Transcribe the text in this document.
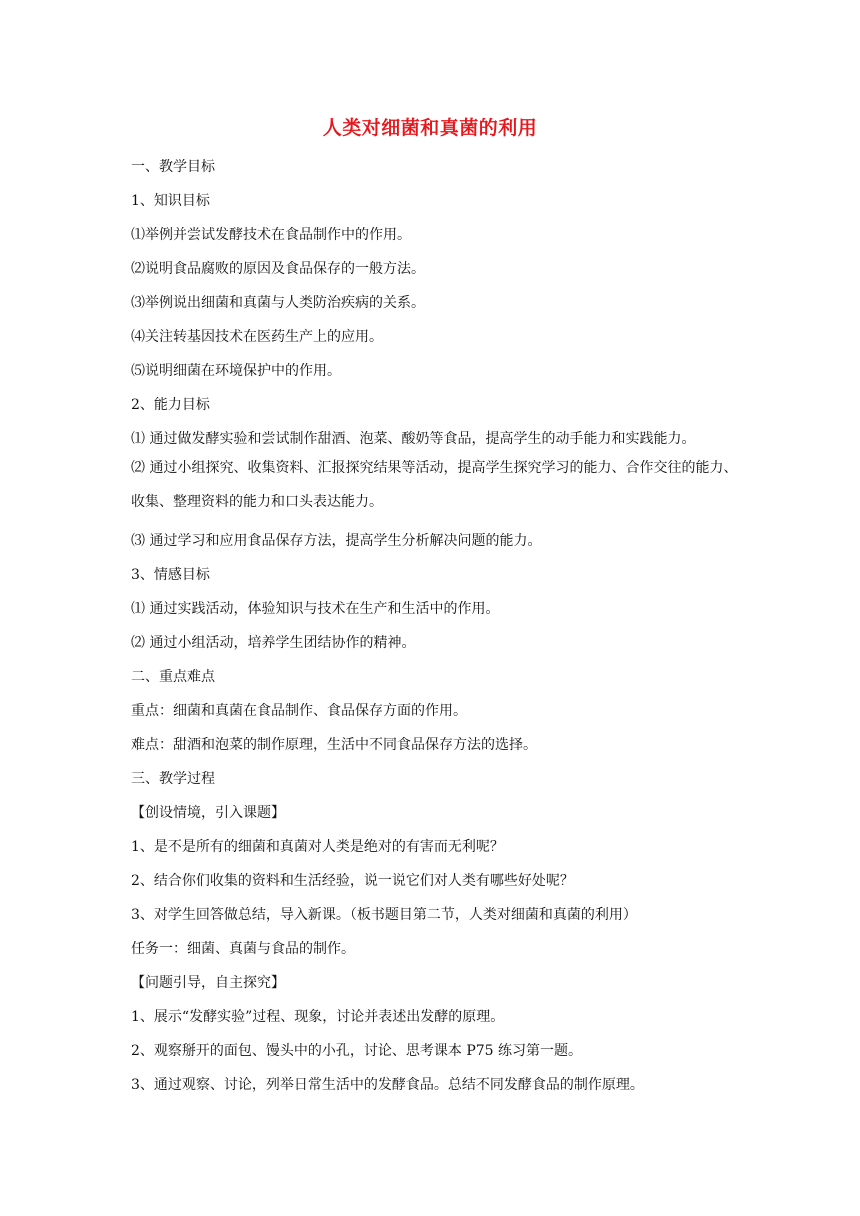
人类对细菌和真菌的利用
一、教学目标
1、知识目标
⑴举例并尝试发酵技术在食品制作中的作用。
⑵说明食品腐败的原因及食品保存的一般方法。
⑶举例说出细菌和真菌与人类防治疾病的关系。
⑷关注转基因技术在医药生产上的应用。
⑸说明细菌在环境保护中的作用。
2、能力目标
⑴ 通过做发酵实验和尝试制作甜酒、泡菜、酸奶等食品，提高学生的动手能力和实践能力。
⑵ 通过小组探究、收集资料、汇报探究结果等活动，提高学生探究学习的能力、合作交往的能力、收集、整理资料的能力和口头表达能力。
⑶ 通过学习和应用食品保存方法，提高学生分析解决问题的能力。
3、情感目标
⑴ 通过实践活动，体验知识与技术在生产和生活中的作用。
⑵ 通过小组活动，培养学生团结协作的精神。
二、重点难点
重点：细菌和真菌在食品制作、食品保存方面的作用。
难点：甜酒和泡菜的制作原理，生活中不同食品保存方法的选择。
三、教学过程
【创设情境，引入课题】
1、是不是所有的细菌和真菌对人类是绝对的有害而无利呢？
2、结合你们收集的资料和生活经验，说一说它们对人类有哪些好处呢？
3、对学生回答做总结，导入新课。（板书题目第二节，人类对细菌和真菌的利用）
任务一：细菌、真菌与食品的制作。
【问题引导，自主探究】
1、展示“发酵实验”过程、现象，讨论并表述出发酵的原理。
2、观察掰开的面包、馒头中的小孔，讨论、思考课本 P75 练习第一题。
3、通过观察、讨论，列举日常生活中的发酵食品。总结不同发酵食品的制作原理。
